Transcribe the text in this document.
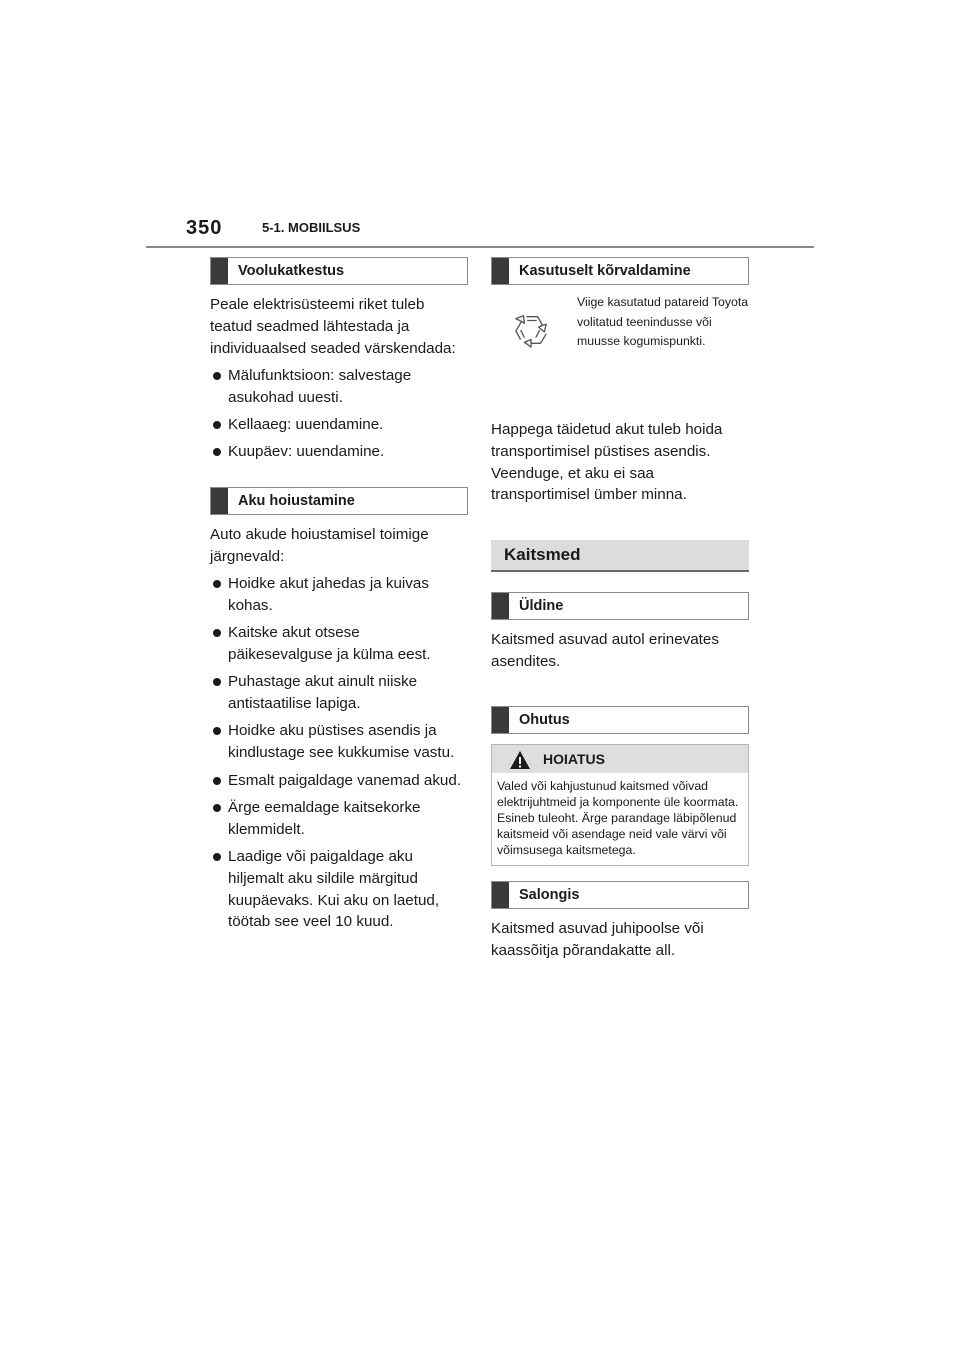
350	5-1. MOBIILSUS
Voolukatkestus

Peale elektrisüsteemi riket tuleb teatud seadmed lähtestada ja individuaalsed seaded värskendada:

Mälufunktsioon: salvestage asukohad uuesti.
Kellaaeg: uuendamine.
Kuupäev: uuendamine.
Aku hoiustamine

Auto akude hoiustamisel toimige järgnevald:

Hoidke akut jahedas ja kuivas kohas.
Kaitske akut otsese päikesevalguse ja külma eest.
Puhastage akut ainult niiske antistaatilise lapiga.
Hoidke aku püstises asendis ja kindlustage see kukkumise vastu.
Esmalt paigaldage vanemad akud.
Ärge eemaldage kaitsekorke klemmidelt.
Laadige või paigaldage aku hiljemalt aku sildile märgitud kuupäevaks. Kui aku on laetud, töötab see veel 10 kuud.
Kasutuselt kõrvaldamine
Viige kasutatud patareid Toyota volitatud teenindusse või muusse kogumispunkti.

Happega täidetud akut tuleb hoida transportimisel püstises asendis. Veenduge, et aku ei saa transportimisel ümber minna.

Kaitsmed
Üldine

Kaitsmed asuvad autol erinevates asendites.

Ohutus
HOIATUS
Valed või kahjustunud kaitsmed võivad elektrijuhtmeid ja komponente üle koormata. Esineb tuleoht. Ärge parandage läbipõlenud kaitsmeid või asendage neid vale värvi või võimsusega kaitsmetega.
Salongis

Kaitsmed asuvad juhipoolse või kaassõitja põrandakatte all.
